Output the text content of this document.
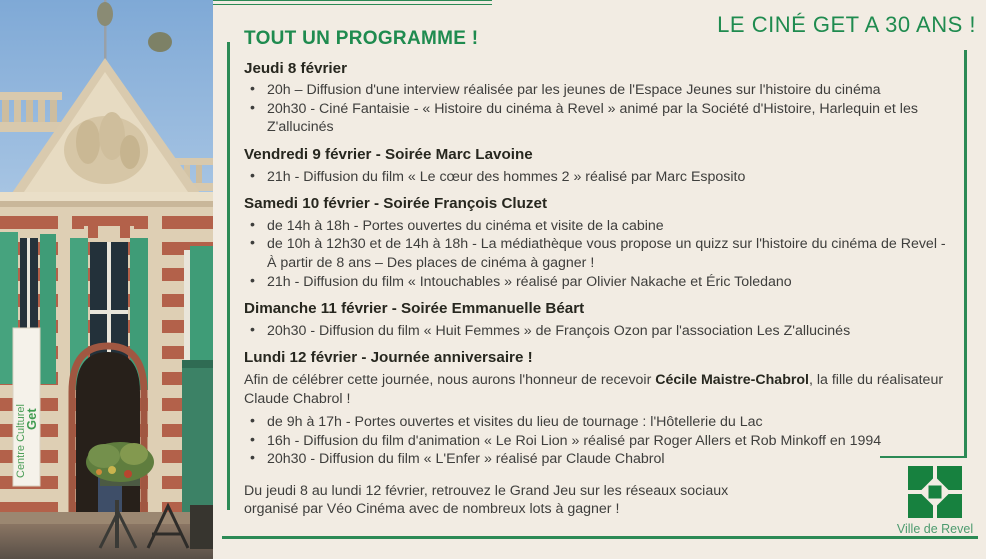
Centre Culturel
Get
LE CINÉ GET A 30 ANS !
TOUT UN PROGRAMME !
Jeudi 8 février
• 20h – Diffusion d'une interview réalisée par les jeunes de l'Espace Jeunes sur l'histoire du cinéma
• 20h30 - Ciné Fantaisie - « Histoire du cinéma à Revel » animé par la Société d'Histoire, Harlequin et les Z'allucinés
Vendredi 9 février - Soirée Marc Lavoine
• 21h - Diffusion du film « Le cœur des hommes 2 » réalisé par Marc Esposito
Samedi 10 février - Soirée François Cluzet
• de 14h à 18h - Portes ouvertes du cinéma et visite de la cabine
• de 10h à 12h30 et de 14h à 18h - La médiathèque vous propose un quizz sur l'histoire du cinéma de Revel - À partir de 8 ans – Des places de cinéma à gagner !
• 21h - Diffusion du film « Intouchables » réalisé par Olivier Nakache et Éric Toledano
Dimanche 11 février - Soirée Emmanuelle Béart
• 20h30 - Diffusion du film « Huit Femmes » de François Ozon par l'association Les Z'allucinés
Lundi 12 février - Journée anniversaire !

Afin de célébrer cette journée, nous aurons l'honneur de recevoir Cécile Maistre-Chabrol, la fille du réalisateur Claude Chabrol !

• de 9h à 17h - Portes ouvertes et visites du lieu de tournage : l'Hôtellerie du Lac
• 16h - Diffusion du film d'animation « Le Roi Lion » réalisé par Roger Allers et Rob Minkoff en 1994
• 20h30 - Diffusion du film « L'Enfer » réalisé par Claude Chabrol

Du jeudi 8 au lundi 12 février, retrouvez le Grand Jeu sur les réseaux sociaux

organisé par Véo Cinéma avec de nombreux lots à gagner !

Ville de Revel
